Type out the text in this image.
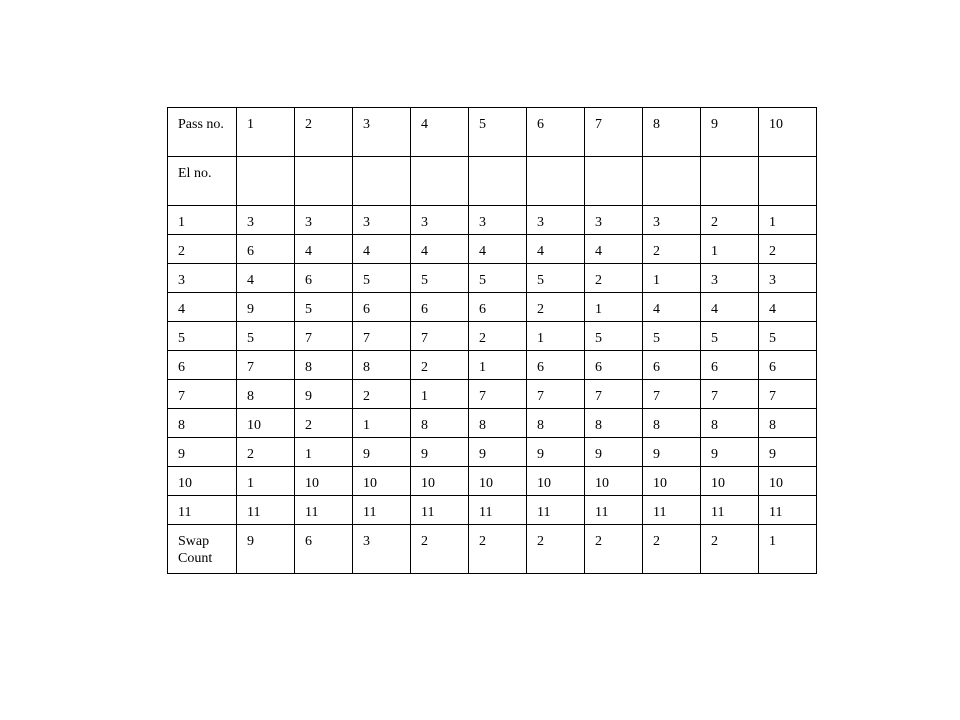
Pass no.	1	2	3	4	5	6	7	8	9	10
El no.										
1	3	3	3	3	3	3	3	3	2	1
2	6	4	4	4	4	4	4	2	1	2
3	4	6	5	5	5	5	2	1	3	3
4	9	5	6	6	6	2	1	4	4	4
5	5	7	7	7	2	1	5	5	5	5
6	7	8	8	2	1	6	6	6	6	6
7	8	9	2	1	7	7	7	7	7	7
8	10	2	1	8	8	8	8	8	8	8
9	2	1	9	9	9	9	9	9	9	9
10	1	10	10	10	10	10	10	10	10	10
11	11	11	11	11	11	11	11	11	11	11
Swap Count	9	6	3	2	2	2	2	2	2	1
